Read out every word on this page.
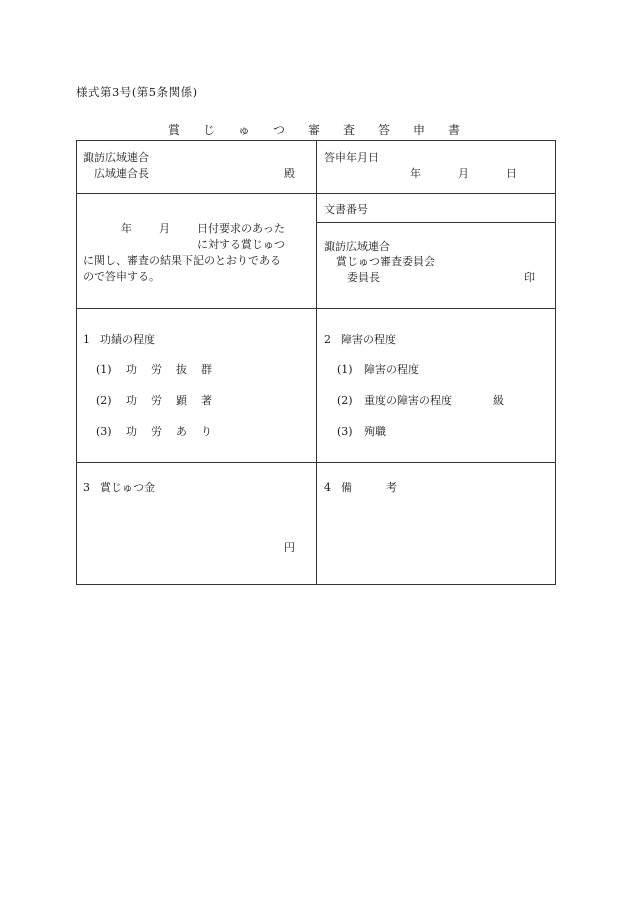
様式第3号(第5条関係)
賞 じ ゅ つ 審 査 答 申 書
諏訪広域連合
広域連合長	殿
答申年月日
年	月	日
年 月 日付要求のあった
に対する賞じゅつ
に関し、審査の結果下記のとおりである
ので答申する。
文書番号
諏訪広域連合
賞じゅつ審査委員会
委員長	印
1 功績の程度
(1) 功 労 抜 群
(2) 功 労 顕 著
(3) 功 労 あ り
2 障害の程度
(1) 障害の程度
(2) 重度の障害の程度	級
(3) 殉職
3 賞じゅつ金
円
4 備	考
